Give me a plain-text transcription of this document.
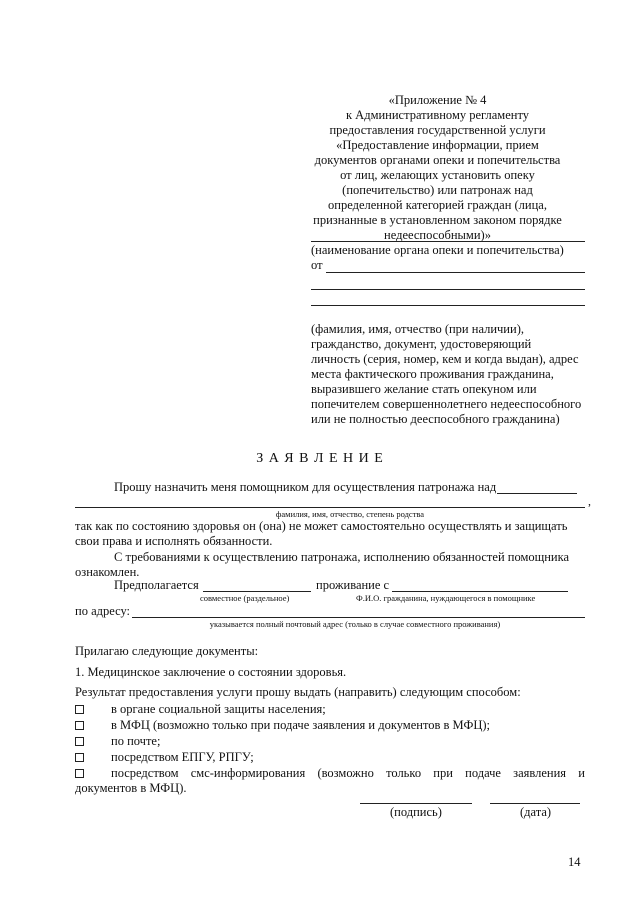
«Приложение № 4
к Административному регламенту
предоставления государственной услуги
«Предоставление информации, прием
документов органами опеки и попечительства
от лиц, желающих установить опеку
(попечительство) или патронаж над
определенной категорией граждан (лица,
признанные в установленном законом порядке
недееспособными)»
(наименование органа опеки и попечительства)
от
(фамилия, имя, отчество (при наличии),
гражданство, документ, удостоверяющий
личность (серия, номер, кем и когда выдан), адрес
места фактического проживания гражданина,
выразившего желание стать опекуном или
попечителем совершеннолетнего недееспособного
или не полностью дееспособного гражданина)
З А Я В Л Е Н И Е
Прошу назначить меня помощником для осуществления патронажа над
,
фамилия, имя, отчество, степень родства
так как по состоянию здоровья он (она) не может самостоятельно осуществлять и защищать
свои права и исполнять обязанности.
С требованиями к осуществлению патронажа, исполнению обязанностей помощника
ознакомлен.
Предполагается	проживание с
совместное (раздельное)	Ф.И.О. гражданина, нуждающегося в помощнике
по адресу:
указывается полный почтовый адрес (только в случае совместного проживания)
Прилагаю следующие документы:
1. Медицинское заключение о состоянии здоровья.
Результат предоставления услуги прошу выдать (направить) следующим способом:
в органе социальной защиты населения;
в МФЦ (возможно только при подаче заявления и документов в МФЦ);
по почте;
посредством ЕПГУ, РПГУ;
посредством смс-информирования (возможно только при подаче заявления и
документов в МФЦ).
(подпись)	(дата)
14
